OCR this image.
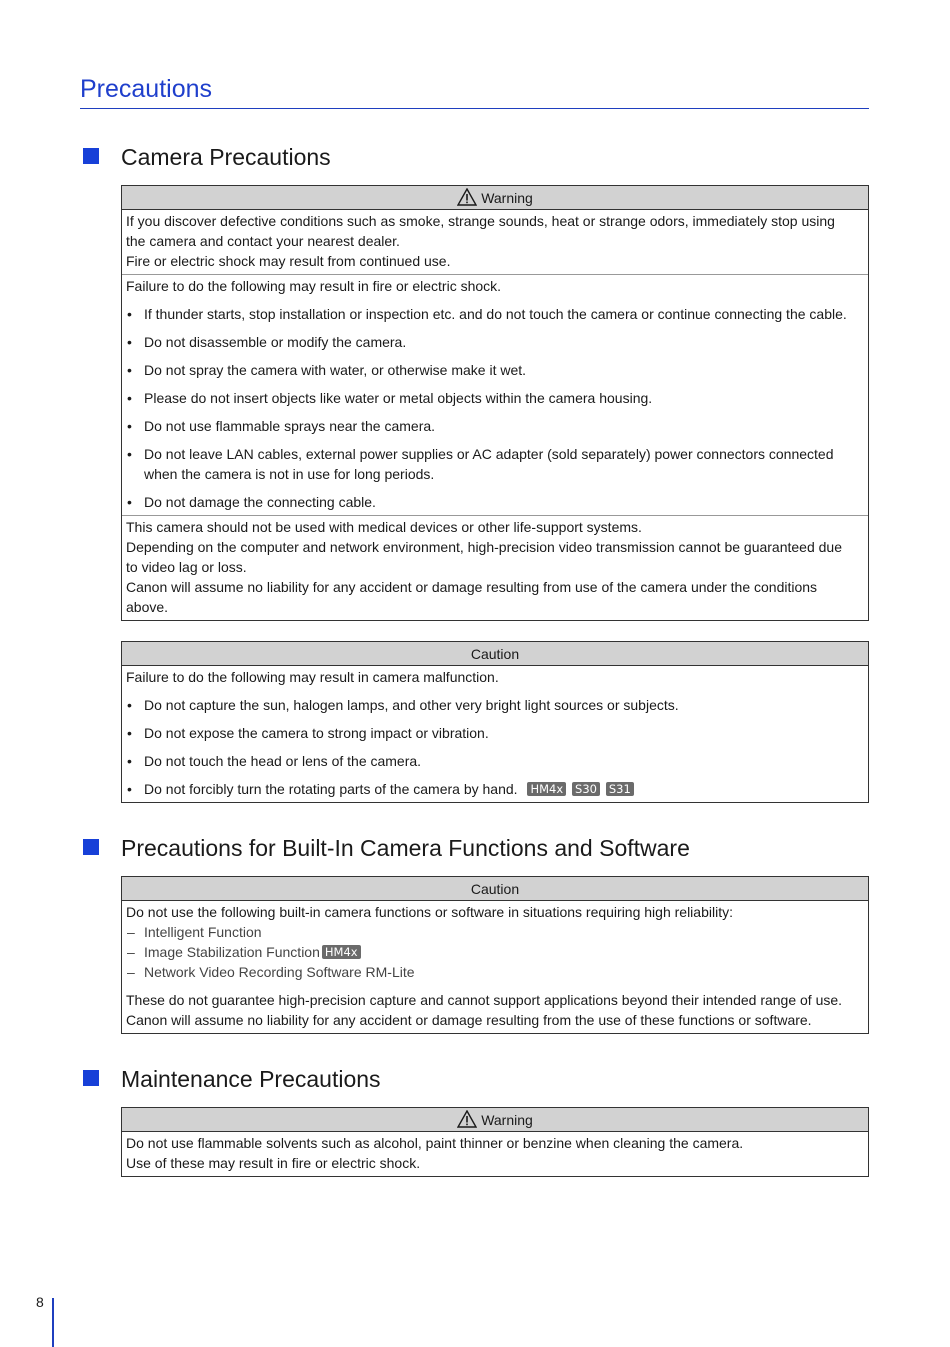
Precautions
Camera Precautions
Warning
If you discover defective conditions such as smoke, strange sounds, heat or strange odors, immediately stop using
the camera and contact your nearest dealer.
Fire or electric shock may result from continued use.
Failure to do the following may result in fire or electric shock.
• If thunder starts, stop installation or inspection etc. and do not touch the camera or continue connecting the cable.
• Do not disassemble or modify the camera.
• Do not spray the camera with water, or otherwise make it wet.
• Please do not insert objects like water or metal objects within the camera housing.
• Do not use flammable sprays near the camera.
• Do not leave LAN cables, external power supplies or AC adapter (sold separately) power connectors connected
when the camera is not in use for long periods.
• Do not damage the connecting cable.
This camera should not be used with medical devices or other life-support systems.
Depending on the computer and network environment, high-precision video transmission cannot be guaranteed due
to video lag or loss.
Canon will assume no liability for any accident or damage resulting from use of the camera under the conditions
above.
Caution
Failure to do the following may result in camera malfunction.
• Do not capture the sun, halogen lamps, and other very bright light sources or subjects.
• Do not expose the camera to strong impact or vibration.
• Do not touch the head or lens of the camera.
• Do not forcibly turn the rotating parts of the camera by hand. HM4x S30 S31
Precautions for Built-In Camera Functions and Software
Caution
Do not use the following built-in camera functions or software in situations requiring high reliability:
– Intelligent Function
– Image Stabilization Function HM4x
– Network Video Recording Software RM-Lite
These do not guarantee high-precision capture and cannot support applications beyond their intended range of use.
Canon will assume no liability for any accident or damage resulting from the use of these functions or software.
Maintenance Precautions
Warning
Do not use flammable solvents such as alcohol, paint thinner or benzine when cleaning the camera.
Use of these may result in fire or electric shock.
8
